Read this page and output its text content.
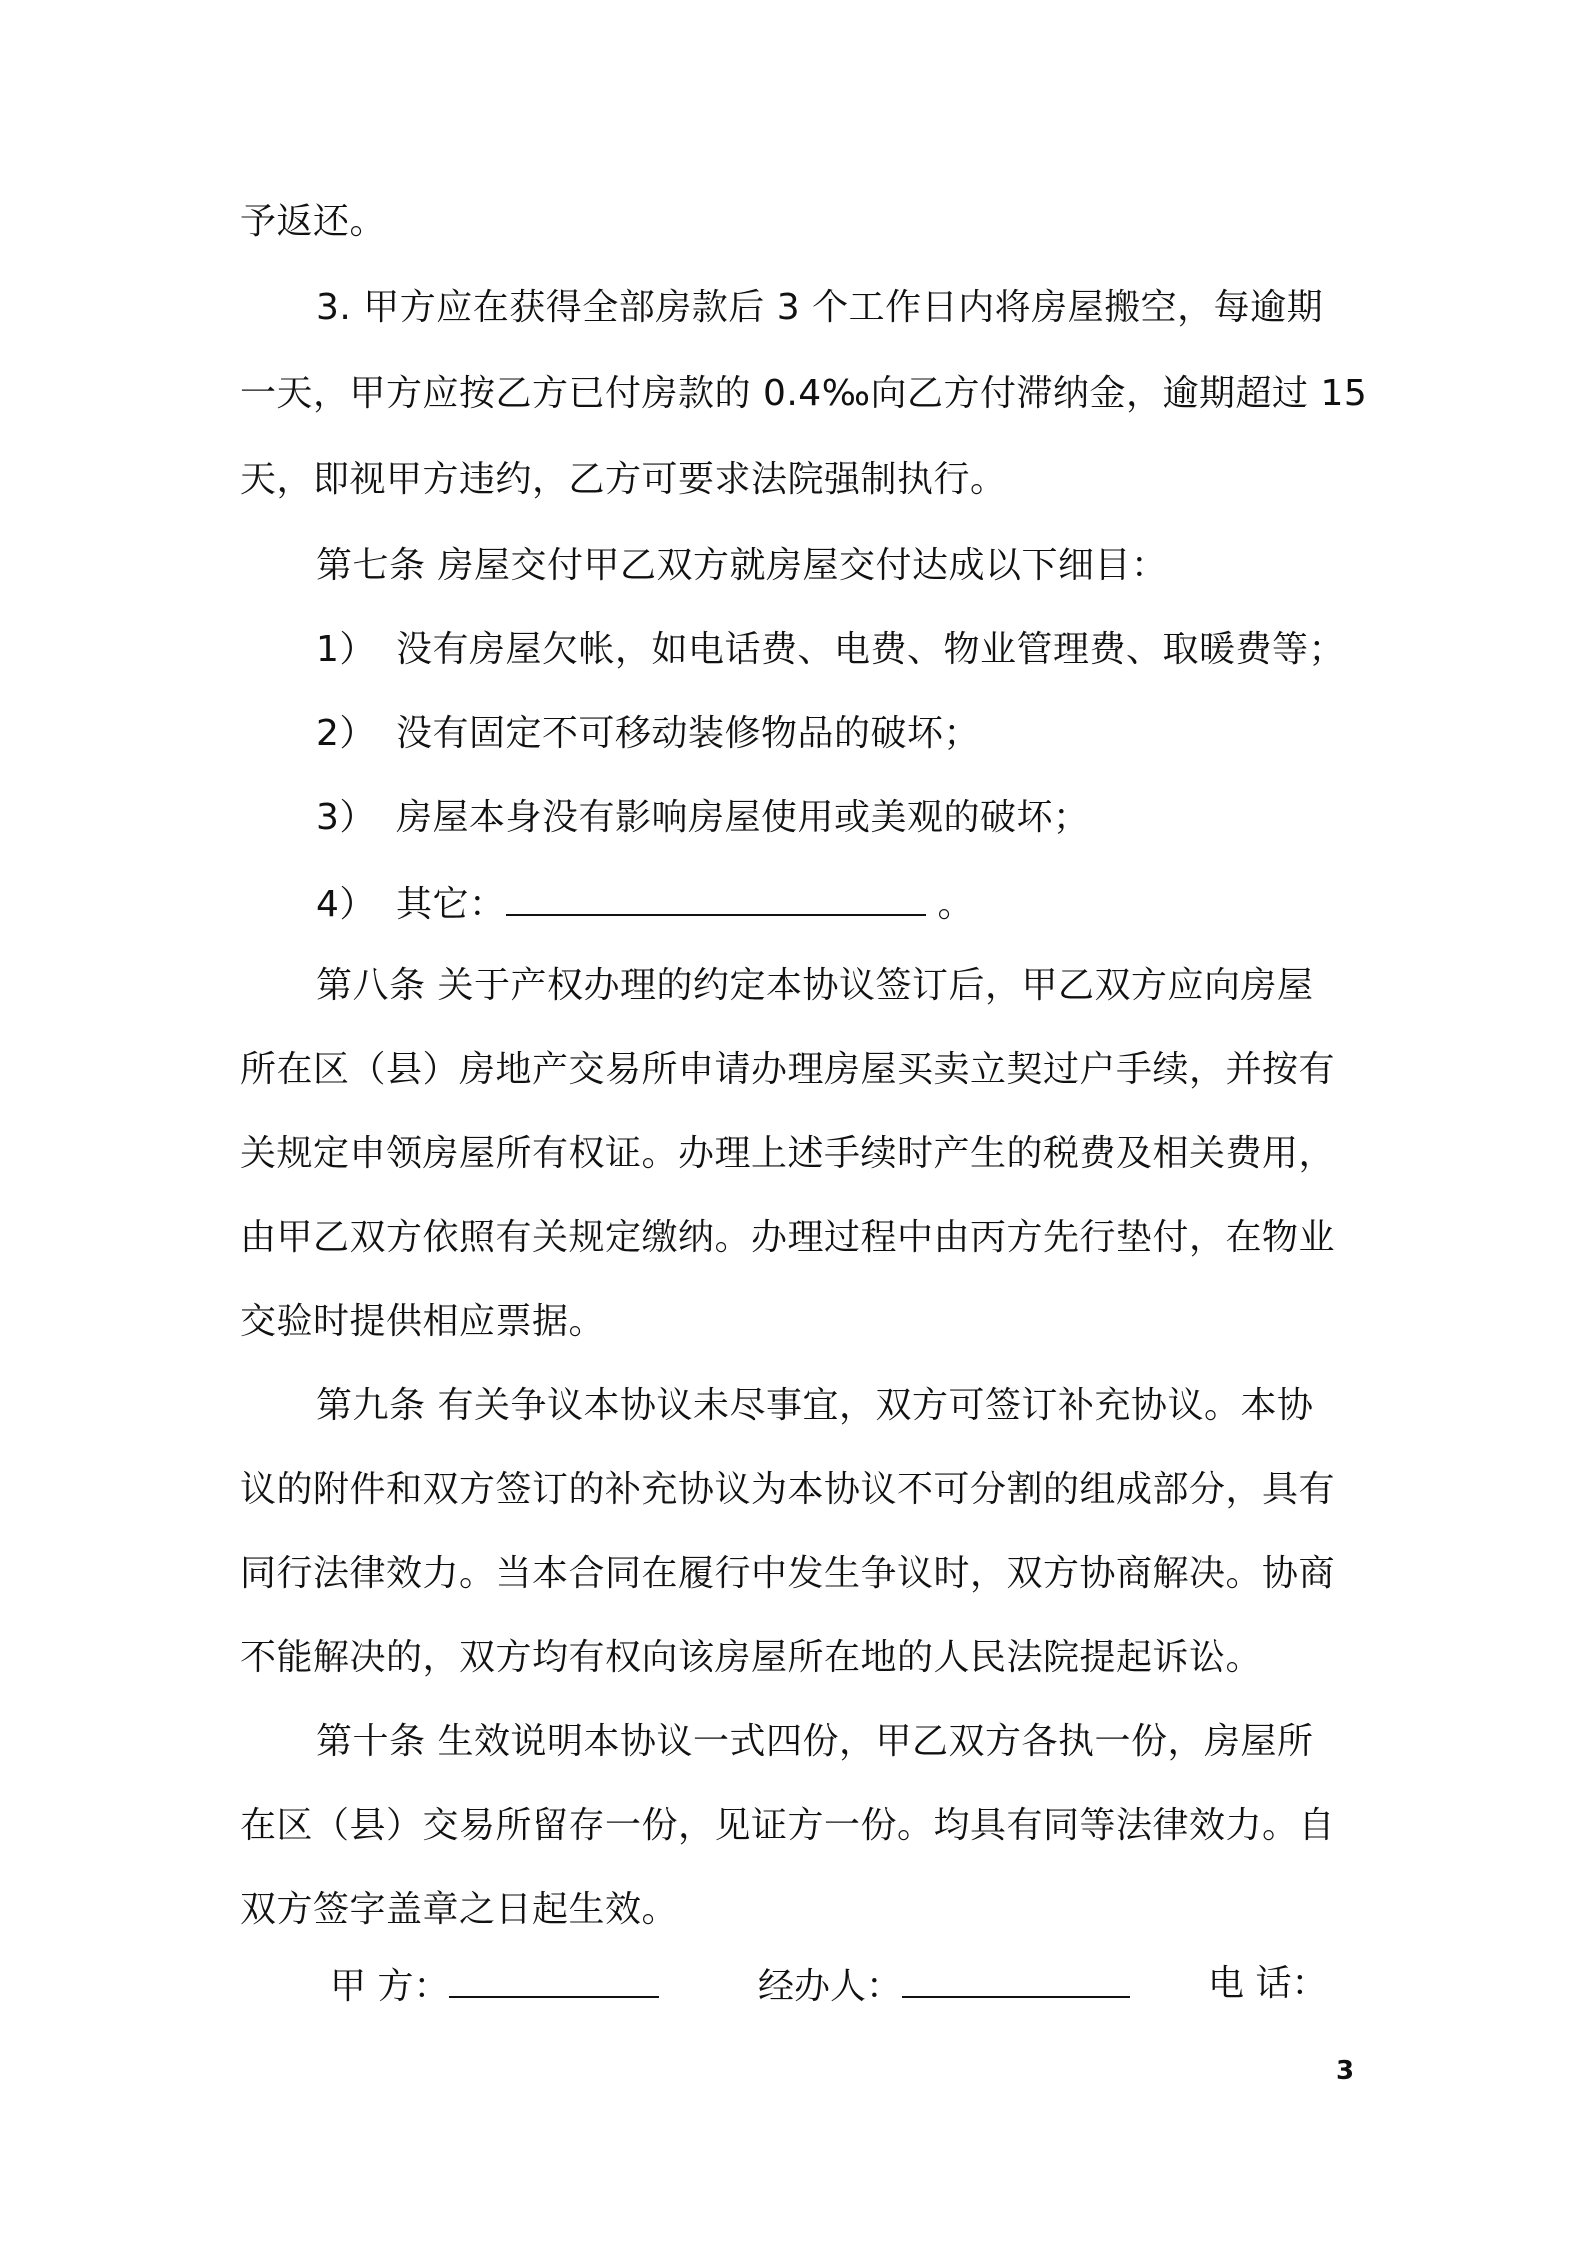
予返还。
3. 甲方应在获得全部房款后 3 个工作日内将房屋搬空，每逾期
一天，甲方应按乙方已付房款的 0.4‰向乙方付滞纳金，逾期超过 15
天，即视甲方违约，乙方可要求法院强制执行。
第七条 房屋交付甲乙双方就房屋交付达成以下细目：
1） 没有房屋欠帐，如电话费、电费、物业管理费、取暖费等；
2） 没有固定不可移动装修物品的破坏；
3） 房屋本身没有影响房屋使用或美观的破坏；
4） 其它：	。
第八条 关于产权办理的约定本协议签订后，甲乙双方应向房屋
所在区（县）房地产交易所申请办理房屋买卖立契过户手续，并按有
关规定申领房屋所有权证。办理上述手续时产生的税费及相关费用，
由甲乙双方依照有关规定缴纳。办理过程中由丙方先行垫付，在物业
交验时提供相应票据。
第九条 有关争议本协议未尽事宜，双方可签订补充协议。本协
议的附件和双方签订的补充协议为本协议不可分割的组成部分，具有
同行法律效力。当本合同在履行中发生争议时，双方协商解决。协商
不能解决的，双方均有权向该房屋所在地的人民法院提起诉讼。
第十条 生效说明本协议一式四份，甲乙双方各执一份，房屋所
在区（县）交易所留存一份，见证方一份。均具有同等法律效力。自
双方签字盖章之日起生效。
甲 方：	经办人：	电 话：
3
